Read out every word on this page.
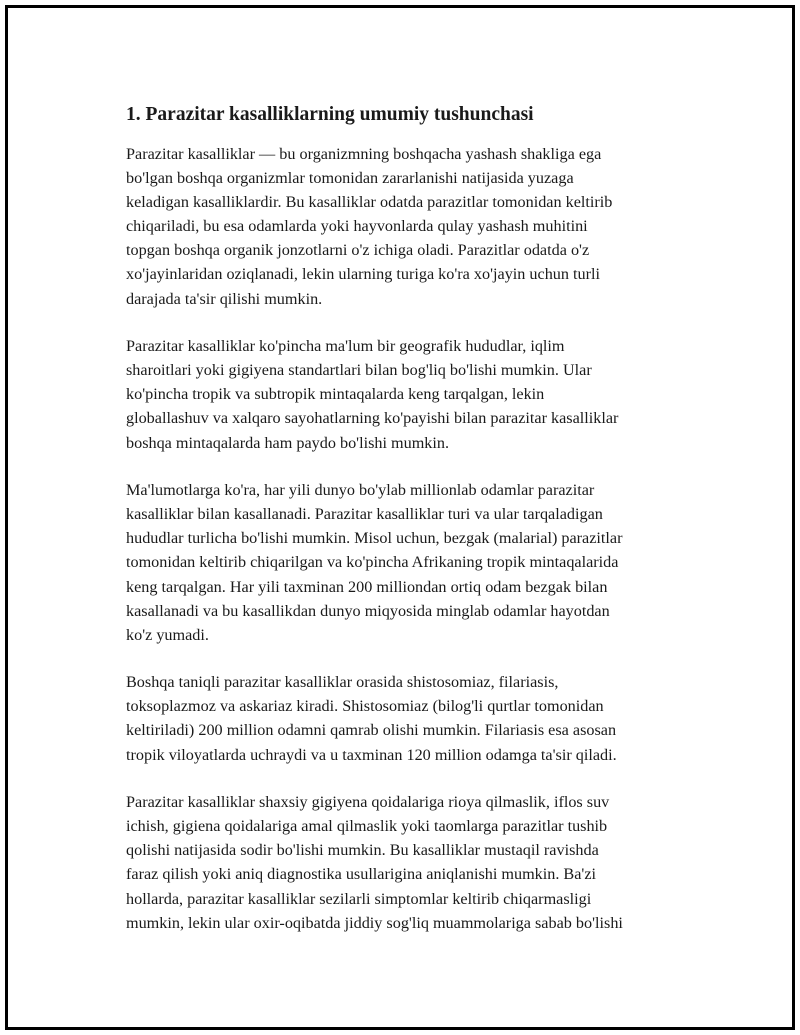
1. Parazitar kasalliklarning umumiy tushunchasi
Parazitar kasalliklar — bu organizmning boshqacha yashash shakliga ega
bo'lgan boshqa organizmlar tomonidan zararlanishi natijasida yuzaga
keladigan kasalliklardir. Bu kasalliklar odatda parazitlar tomonidan keltirib
chiqariladi, bu esa odamlarda yoki hayvonlarda qulay yashash muhitini
topgan boshqa organik jonzotlarni o'z ichiga oladi. Parazitlar odatda o'z
xo'jayinlaridan oziqlanadi, lekin ularning turiga ko'ra xo'jayin uchun turli
darajada ta'sir qilishi mumkin.
Parazitar kasalliklar ko'pincha ma'lum bir geografik hududlar, iqlim
sharoitlari yoki gigiyena standartlari bilan bog'liq bo'lishi mumkin. Ular
ko'pincha tropik va subtropik mintaqalarda keng tarqalgan, lekin
globallashuv va xalqaro sayohatlarning ko'payishi bilan parazitar kasalliklar
boshqa mintaqalarda ham paydo bo'lishi mumkin.
Ma'lumotlarga ko'ra, har yili dunyo bo'ylab millionlab odamlar parazitar
kasalliklar bilan kasallanadi. Parazitar kasalliklar turi va ular tarqaladigan
hududlar turlicha bo'lishi mumkin. Misol uchun, bezgak (malarial) parazitlar
tomonidan keltirib chiqarilgan va ko'pincha Afrikaning tropik mintaqalarida
keng tarqalgan. Har yili taxminan 200 milliondan ortiq odam bezgak bilan
kasallanadi va bu kasallikdan dunyo miqyosida minglab odamlar hayotdan
ko'z yumadi.
Boshqa taniqli parazitar kasalliklar orasida shistosomiaz, filariasis,
toksoplazmoz va askariaz kiradi. Shistosomiaz (bilog'li qurtlar tomonidan
keltiriladi) 200 million odamni qamrab olishi mumkin. Filariasis esa asosan
tropik viloyatlarda uchraydi va u taxminan 120 million odamga ta'sir qiladi.
Parazitar kasalliklar shaxsiy gigiyena qoidalariga rioya qilmaslik, iflos suv
ichish, gigiena qoidalariga amal qilmaslik yoki taomlarga parazitlar tushib
qolishi natijasida sodir bo'lishi mumkin. Bu kasalliklar mustaqil ravishda
faraz qilish yoki aniq diagnostika usullarigina aniqlanishi mumkin. Ba'zi
hollarda, parazitar kasalliklar sezilarli simptomlar keltirib chiqarmasligi
mumkin, lekin ular oxir-oqibatda jiddiy sog'liq muammolariga sabab bo'lishi
